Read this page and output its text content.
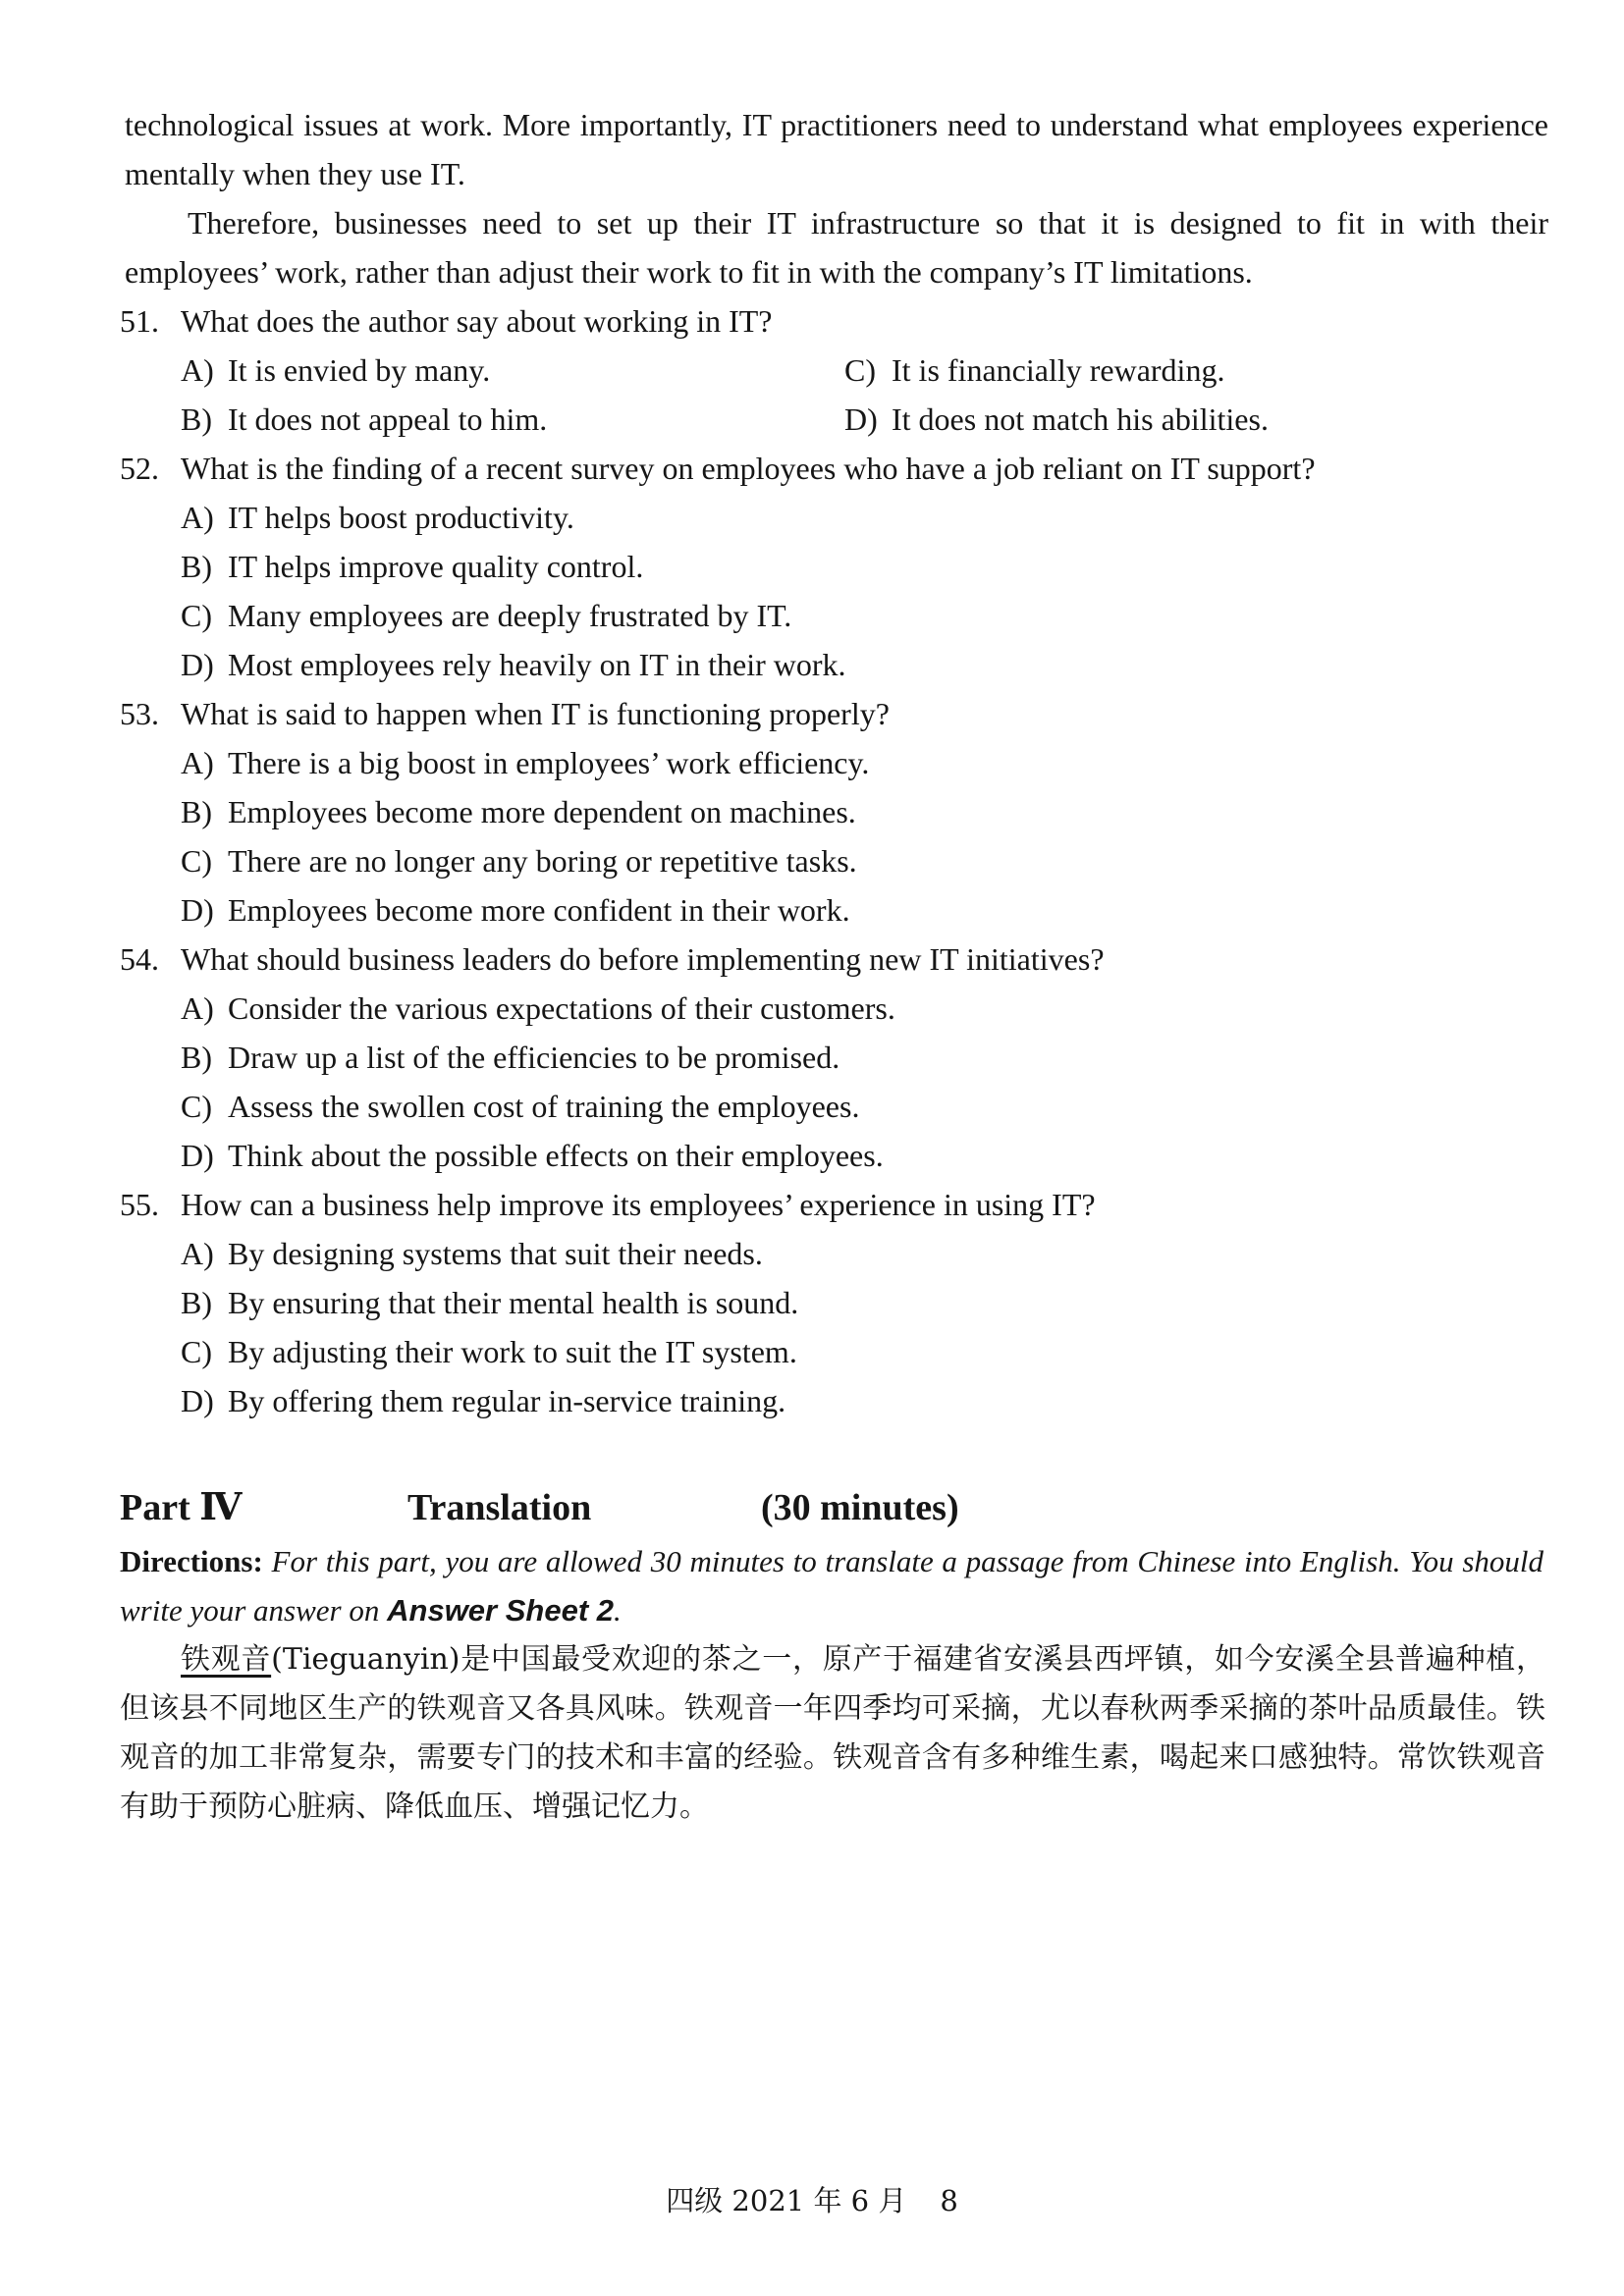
technological issues at work. More importantly, IT practitioners need to understand what employees experience mentally when they use IT.

Therefore, businesses need to set up their IT infrastructure so that it is designed to fit in with their employees’ work, rather than adjust their work to fit in with the company’s IT limitations.

51. What does the author say about working in IT?
A) It is envied by many.	C) It is financially rewarding.
B) It does not appeal to him.	D) It does not match his abilities.
52. What is the finding of a recent survey on employees who have a job reliant on IT support?
A) IT helps boost productivity.
B) IT helps improve quality control.
C) Many employees are deeply frustrated by IT.
D) Most employees rely heavily on IT in their work.
53. What is said to happen when IT is functioning properly?
A) There is a big boost in employees’ work efficiency.
B) Employees become more dependent on machines.
C) There are no longer any boring or repetitive tasks.
D) Employees become more confident in their work.
54. What should business leaders do before implementing new IT initiatives?
A) Consider the various expectations of their customers.
B) Draw up a list of the efficiencies to be promised.
C) Assess the swollen cost of training the employees.
D) Think about the possible effects on their employees.
55. How can a business help improve its employees’ experience in using IT?
A) By designing systems that suit their needs.
B) By ensuring that their mental health is sound.
C) By adjusting their work to suit the IT system.
D) By offering them regular in-service training.
Part Ⅳ	Translation	(30 minutes)

Directions: For this part, you are allowed 30 minutes to translate a passage from Chinese into English. You should write your answer on Answer Sheet 2.

铁观音(Tieguanyin)是中国最受欢迎的茶之一，原产于福建省安溪县西坪镇，如今安溪全县普遍种植，但该县不同地区生产的铁观音又各具风味。铁观音一年四季均可采摘，尤以春秋两季采摘的茶叶品质最佳。铁观音的加工非常复杂，需要专门的技术和丰富的经验。铁观音含有多种维生素，喝起来口感独特。常饮铁观音有助于预防心脏病、降低血压、增强记忆力。

四级 2021 年 6 月 8
